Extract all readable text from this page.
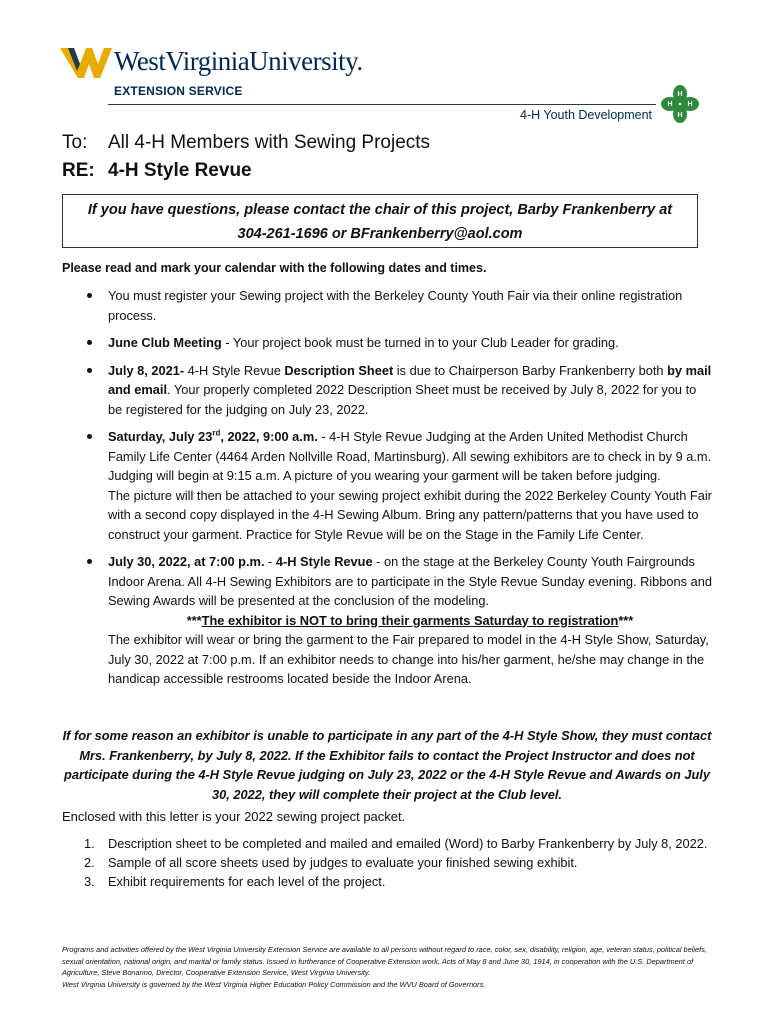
WestVirginiaUniversity.
EXTENSION SERVICE
4-H Youth Development
H
H
H H
To: All 4-H Members with Sewing Projects
RE: 4-H Style Revue
If you have questions, please contact the chair of this project, Barby Frankenberry at
304-261-1696 or BFrankenberry@aol.com
Please read and mark your calendar with the following dates and times.

You must register your Sewing project with the Berkeley County Youth Fair via their online registration process.

June Club Meeting - Your project book must be turned in to your Club Leader for grading.

July 8, 2021- 4-H Style Revue Description Sheet is due to Chairperson Barby Frankenberry both by mail and email. Your properly completed 2022 Description Sheet must be received by July 8, 2022 for you to be registered for the judging on July 23, 2022.

Saturday, July 23rd, 2022, 9:00 a.m. - 4-H Style Revue Judging at the Arden United Methodist Church Family Life Center (4464 Arden Nollville Road, Martinsburg). All sewing exhibitors are to check in by 9 a.m. Judging will begin at 9:15 a.m. A picture of you wearing your garment will be taken before judging.

The picture will then be attached to your sewing project exhibit during the 2022 Berkeley County Youth Fair with a second copy displayed in the 4-H Sewing Album. Bring any pattern/patterns that you have used to construct your garment. Practice for Style Revue will be on the Stage in the Family Life Center.

July 30, 2022, at 7:00 p.m. - 4-H Style Revue - on the stage at the Berkeley County Youth Fairgrounds Indoor Arena. All 4-H Sewing Exhibitors are to participate in the Style Revue Sunday evening. Ribbons and Sewing Awards will be presented at the conclusion of the modeling.

***The exhibitor is NOT to bring their garments Saturday to registration***

The exhibitor will wear or bring the garment to the Fair prepared to model in the 4-H Style Show, Saturday, July 30, 2022 at 7:00 p.m. If an exhibitor needs to change into his/her garment, he/she may change in the handicap accessible restrooms located beside the Indoor Arena.

If for some reason an exhibitor is unable to participate in any part of the 4-H Style Show, they must contact Mrs. Frankenberry, by July 8, 2022. If the Exhibitor fails to contact the Project Instructor and does not participate during the 4-H Style Revue judging on July 23, 2022 or the 4-H Style Revue and Awards on July 30, 2022, they will complete their project at the Club level.
Enclosed with this letter is your 2022 sewing project packet.
1. Description sheet to be completed and mailed and emailed (Word) to Barby Frankenberry by July 8, 2022.
2. Sample of all score sheets used by judges to evaluate your finished sewing exhibit.
3. Exhibit requirements for each level of the project.
Programs and activities offered by the West Virginia University Extension Service are available to all persons without regard to race, color, sex, disability, religion, age, veteran status, political beliefs, sexual orientation, national origin, and marital or family status. Issued in furtherance of Cooperative Extension work, Acts of May 8 and June 30, 1914, in cooperation with the U.S. Department of Agriculture, Steve Bonanno, Director, Cooperative Extension Service, West Virginia University.
West Virginia University is governed by the West Virginia Higher Education Policy Commission and the WVU Board of Governors.
